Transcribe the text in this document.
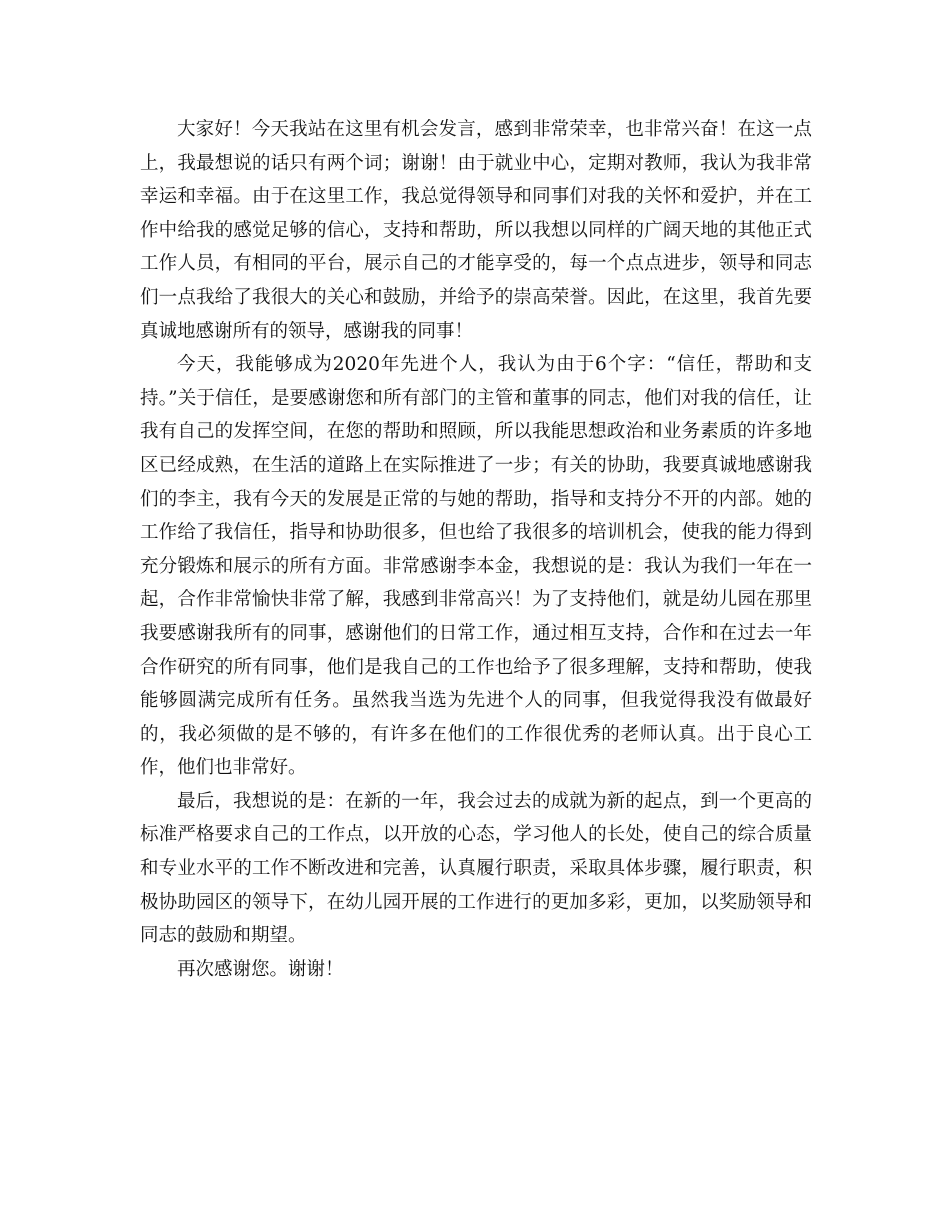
大家好！今天我站在这里有机会发言，感到非常荣幸，也非常兴奋！在这一点上，我最想说的话只有两个词；谢谢！由于就业中心，定期对教师，我认为我非常幸运和幸福。由于在这里工作，我总觉得领导和同事们对我的关怀和爱护，并在工作中给我的感觉足够的信心，支持和帮助，所以我想以同样的广阔天地的其他正式工作人员，有相同的平台，展示自己的才能享受的，每一个点点进步，领导和同志们一点我给了我很大的关心和鼓励，并给予的崇高荣誉。因此，在这里，我首先要真诚地感谢所有的领导，感谢我的同事！

今天，我能够成为2020年先进个人，我认为由于6个字：“信任，帮助和支持。”关于信任，是要感谢您和所有部门的主管和董事的同志，他们对我的信任，让我有自己的发挥空间，在您的帮助和照顾，所以我能思想政治和业务素质的许多地区已经成熟，在生活的道路上在实际推进了一步；有关的协助，我要真诚地感谢我们的李主，我有今天的发展是正常的与她的帮助，指导和支持分不开的内部。她的工作给了我信任，指导和协助很多，但也给了我很多的培训机会，使我的能力得到充分锻炼和展示的所有方面。非常感谢李本金，我想说的是：我认为我们一年在一起，合作非常愉快非常了解，我感到非常高兴！为了支持他们，就是幼儿园在那里我要感谢我所有的同事，感谢他们的日常工作，通过相互支持，合作和在过去一年合作研究的所有同事，他们是我自己的工作也给予了很多理解，支持和帮助，使我能够圆满完成所有任务。虽然我当选为先进个人的同事，但我觉得我没有做最好的，我必须做的是不够的，有许多在他们的工作很优秀的老师认真。出于良心工作，他们也非常好。

最后，我想说的是：在新的一年，我会过去的成就为新的起点，到一个更高的标准严格要求自己的工作点，以开放的心态，学习他人的长处，使自己的综合质量和专业水平的工作不断改进和完善，认真履行职责，采取具体步骤，履行职责，积极协助园区的领导下，在幼儿园开展的工作进行的更加多彩，更加，以奖励领导和同志的鼓励和期望。

再次感谢您。谢谢！
